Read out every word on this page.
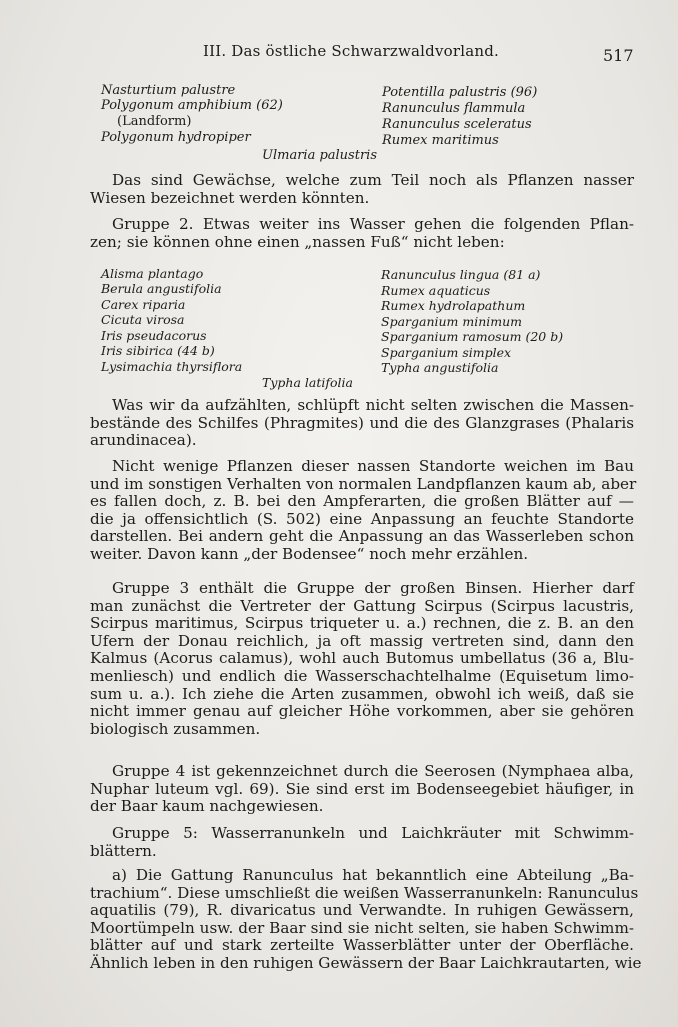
III. Das östliche Schwarzwaldvorland.	517
Nasturtium palustre
Polygonum amphibium (62)
(Landform)
Polygonum hydropiper
Potentilla palustris (96)
Ranunculus flammula
Ranunculus sceleratus
Rumex maritimus
Ulmaria palustris
Das sind Gewächse, welche zum Teil noch als Pflanzen nasser
Wiesen bezeichnet werden könnten.
Gruppe 2. Etwas weiter ins Wasser gehen die folgenden Pflan-
zen; sie können ohne einen „nassen Fuß“ nicht leben:
Alisma plantago
Berula angustifolia
Carex riparia
Cicuta virosa
Iris pseudacorus
Iris sibirica (44 b)
Lysimachia thyrsiflora
Ranunculus lingua (81 a)
Rumex aquaticus
Rumex hydrolapathum
Sparganium minimum
Sparganium ramosum (20 b)
Sparganium simplex
Typha angustifolia
Typha latifolia
Was wir da aufzählten, schlüpft nicht selten zwischen die Massen-
bestände des Schilfes (Phragmites) und die des Glanzgrases (Phalaris
arundinacea).
Nicht wenige Pflanzen dieser nassen Standorte weichen im Bau
und im sonstigen Verhalten von normalen Landpflanzen kaum ab, aber
es fallen doch, z. B. bei den Ampferarten, die großen Blätter auf —
die ja offensichtlich (S. 502) eine Anpassung an feuchte Standorte
darstellen. Bei andern geht die Anpassung an das Wasserleben schon
weiter. Davon kann „der Bodensee“ noch mehr erzählen.
Gruppe 3 enthält die Gruppe der großen Binsen. Hierher darf
man zunächst die Vertreter der Gattung Scirpus (Scirpus lacustris,
Scirpus maritimus, Scirpus triqueter u. a.) rechnen, die z. B. an den
Ufern der Donau reichlich, ja oft massig vertreten sind, dann den
Kalmus (Acorus calamus), wohl auch Butomus umbellatus (36 a, Blu-
menliesch) und endlich die Wasserschachtelhalme (Equisetum limo-
sum u. a.). Ich ziehe die Arten zusammen, obwohl ich weiß, daß sie
nicht immer genau auf gleicher Höhe vorkommen, aber sie gehören
biologisch zusammen.
Gruppe 4 ist gekennzeichnet durch die Seerosen (Nymphaea alba,
Nuphar luteum vgl. 69). Sie sind erst im Bodenseegebiet häufiger, in
der Baar kaum nachgewiesen.
Gruppe 5: Wasserranunkeln und Laichkräuter mit Schwimm-
blättern.
a) Die Gattung Ranunculus hat bekanntlich eine Abteilung „Ba-
trachium“. Diese umschließt die weißen Wasserranunkeln: Ranunculus
aquatilis (79), R. divaricatus und Verwandte. In ruhigen Gewässern,
Moortümpeln usw. der Baar sind sie nicht selten, sie haben Schwimm-
blätter auf und stark zerteilte Wasserblätter unter der Oberfläche.
Ähnlich leben in den ruhigen Gewässern der Baar Laichkrautarten, wie
